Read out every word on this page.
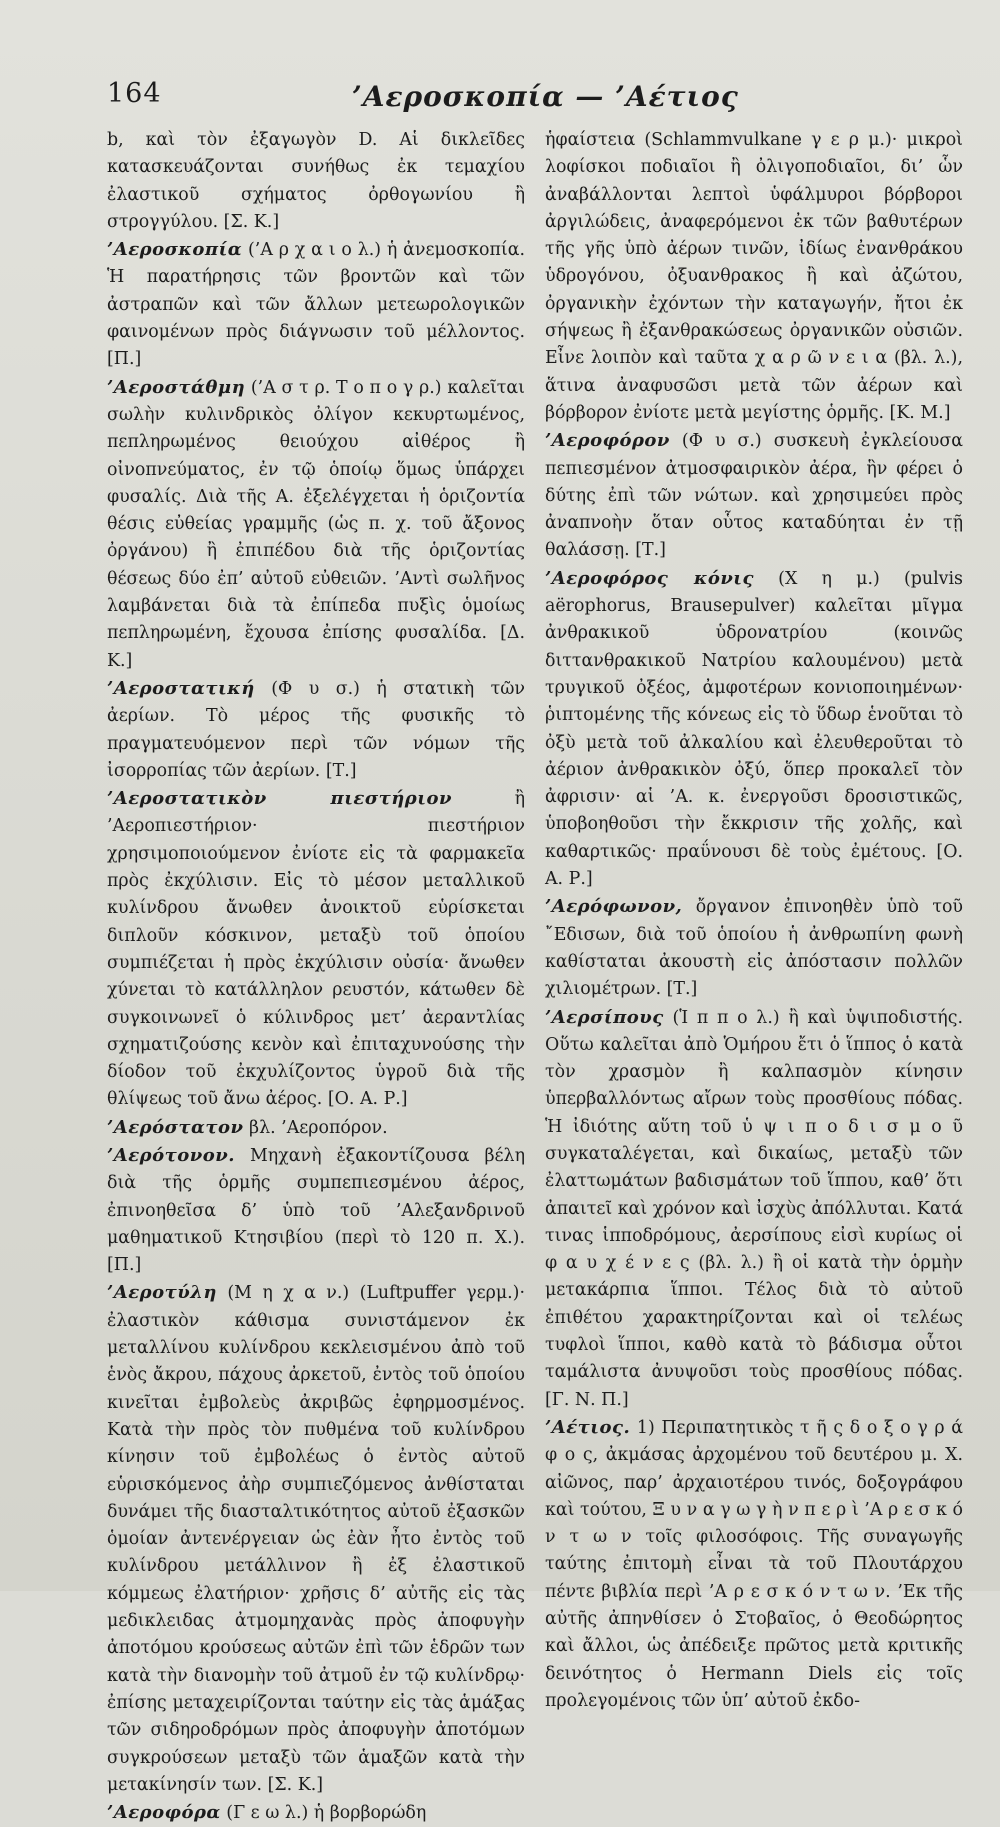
164	’Αεροσκοπία — ’Αέτιος

b, καὶ τὸν ἐξαγωγὸν D. Αἱ δικλεῖδες κατασκευάζονται συνήθως ἐκ τεμαχίου ἐλαστικοῦ σχήματος ὀρθογωνίου ἢ στρογγύλου. [Σ. Κ.]

’Αεροσκοπία (’Α ρ χ α ι ο λ.) ἡ ἀνεμοσκοπία. Ἡ παρατήρησις τῶν βροντῶν καὶ τῶν ἀστραπῶν καὶ τῶν ἄλλων μετεωρολογικῶν φαινομένων πρὸς διάγνωσιν τοῦ μέλλοντος. [Π.]

’Αεροστάθμη (’Α σ τ ρ. Τ ο π ο γ ρ.) καλεῖται σωλὴν κυλινδρικὸς ὀλίγον κεκυρτωμένος, πεπληρωμένος θειούχου αἰθέρος ἢ οἰνοπνεύματος, ἐν τῷ ὁποίῳ ὅμως ὑπάρχει φυσαλίς. Διὰ τῆς Α. ἐξελέγχεται ἡ ὁριζοντία θέσις εὐθείας γραμμῆς (ὡς π. χ. τοῦ ἄξονος ὀργάνου) ἢ ἐπιπέδου διὰ τῆς ὁριζοντίας θέσεως δύο ἐπ’ αὐτοῦ εὐθειῶν. ’Αντὶ σωλῆνος λαμβάνεται διὰ τὰ ἐπίπεδα πυξὶς ὁμοίως πεπληρωμένη, ἔχουσα ἐπίσης φυσαλίδα. [Δ. Κ.]

’Αεροστατική (Φ υ σ.) ἡ στατικὴ τῶν ἀερίων. Τὸ μέρος τῆς φυσικῆς τὸ πραγματευόμενον περὶ τῶν νόμων τῆς ἰσορροπίας τῶν ἀερίων. [Τ.]

’Αεροστατικὸν πιεστήριον ἢ ’Αεροπιεστήριον· πιεστήριον χρησιμοποιούμενον ἐνίοτε εἰς τὰ φαρμακεῖα πρὸς ἐκχύλισιν. Εἰς τὸ μέσον μεταλλικοῦ κυλίνδρου ἄνωθεν ἀνοικτοῦ εὑρίσκεται διπλοῦν κόσκινον, μεταξὺ τοῦ ὁποίου συμπιέζεται ἡ πρὸς ἐκχύλισιν οὐσία· ἄνωθεν χύνεται τὸ κατάλληλον ρευστόν, κάτωθεν δὲ συγκοινωνεῖ ὁ κύλινδρος μετ’ ἀεραντλίας σχηματιζούσης κενὸν καὶ ἐπιταχυνούσης τὴν δίοδον τοῦ ἐκχυλίζοντος ὑγροῦ διὰ τῆς θλίψεως τοῦ ἄνω ἀέρος. [Ο. Α. Ρ.]

’Αερόστατον βλ. ’Αεροπόρον.

’Αερότονον. Μηχανὴ ἐξακοντίζουσα βέλη διὰ τῆς ὁρμῆς συμπεπιεσμένου ἀέρος, ἐπινοηθεῖσα δ’ ὑπὸ τοῦ ’Αλεξανδρινοῦ μαθηματικοῦ Κτησιβίου (περὶ τὸ 120 π. Χ.). [Π.]

’Αεροτύλη (Μ η χ α ν.) (Luftpuffer γερμ.)· ἐλαστικὸν κάθισμα συνιστάμενον ἐκ μεταλλίνου κυλίνδρου κεκλεισμένου ἀπὸ τοῦ ἑνὸς ἄκρου, πάχους ἀρκετοῦ, ἐντὸς τοῦ ὁποίου κινεῖται ἐμβολεὺς ἀκριβῶς ἐφηρμοσμένος. Κατὰ τὴν πρὸς τὸν πυθμένα τοῦ κυλίνδρου κίνησιν τοῦ ἐμβολέως ὁ ἐντὸς αὐτοῦ εὑρισκόμενος ἀὴρ συμπιεζόμενος ἀνθίσταται δυνάμει τῆς διασταλτικότητος αὐτοῦ ἐξασκῶν ὁμοίαν ἀντενέργειαν ὡς ἐὰν ἦτο ἐντὸς τοῦ κυλίνδρου μετάλλινον ἢ ἐξ ἐλαστικοῦ κόμμεως ἐλατήριον· χρῆσις δ’ αὐτῆς εἰς τὰς μεδικλειδας ἀτμομηχανὰς πρὸς ἀποφυγὴν ἀποτόμου κρούσεως αὐτῶν ἐπὶ τῶν ἑδρῶν των κατὰ τὴν διανομὴν τοῦ ἀτμοῦ ἐν τῷ κυλίνδρῳ· ἐπίσης μεταχειρίζονται ταύτην εἰς τὰς ἁμάξας τῶν σιδηροδρόμων πρὸς ἀποφυγὴν ἀποτόμων συγκρούσεων μεταξὺ τῶν ἁμαξῶν κατὰ τὴν μετακίνησίν των. [Σ. Κ.]

’Αεροφόρα (Γ ε ω λ.) ἡ βορβορώδη

ἡφαίστεια (Schlammvulkane γ ε ρ μ.)· μικροὶ λοφίσκοι ποδιαῖοι ἢ ὀλιγοποδιαῖοι, δι’ ὧν ἀναβάλλονται λεπτοὶ ὑφάλμυροι βόρβοροι ἀργιλώδεις, ἀναφερόμενοι ἐκ τῶν βαθυτέρων τῆς γῆς ὑπὸ ἀέρων τινῶν, ἰδίως ἐνανθράκου ὑδρογόνου, ὀξυανθρακος ἢ καὶ ἀζώτου, ὀργανικὴν ἐχόντων τὴν καταγωγήν, ἤτοι ἐκ σήψεως ἢ ἐξανθρακώσεως ὀργανικῶν οὐσιῶν. Εἶνε λοιπὸν καὶ ταῦτα χ α ρ ῶ ν ε ι α (βλ. λ.), ἅτινα ἀναφυσῶσι μετὰ τῶν ἀέρων καὶ βόρβορον ἐνίοτε μετὰ μεγίστης ὁρμῆς. [Κ. Μ.]

’Αεροφόρον (Φ υ σ.) συσκευὴ ἐγκλείουσα πεπιεσμένον ἀτμοσφαιρικὸν ἀέρα, ἣν φέρει ὁ δύτης ἐπὶ τῶν νώτων. καὶ χρησιμεύει πρὸς ἀναπνοὴν ὅταν οὗτος καταδύηται ἐν τῇ θαλάσσῃ. [Τ.]

’Αεροφόρος κόνις (Χ η μ.) (pulvis aërophorus, Brausepulver) καλεῖται μῖγμα ἀνθρακικοῦ ὑδρονατρίου (κοινῶς διττανθρακικοῦ Νατρίου καλουμένου) μετὰ τρυγικοῦ ὀξέος, ἀμφοτέρων κονιοποιημένων· ῥιπτομένης τῆς κόνεως εἰς τὸ ὕδωρ ἑνοῦται τὸ ὀξὺ μετὰ τοῦ ἀλκαλίου καὶ ἐλευθεροῦται τὸ ἀέριον ἀνθρακικὸν ὀξύ, ὅπερ προκαλεῖ τὸν ἀφρισιν· αἱ ’Α. κ. ἐνεργοῦσι δροσιστικῶς, ὑποβοηθοῦσι τὴν ἔκκρισιν τῆς χολῆς, καὶ καθαρτικῶς· πραΰνουσι δὲ τοὺς ἐμέτους. [Ο. Α. Ρ.]

’Αερόφωνον, ὄργανον ἐπινοηθὲν ὑπὸ τοῦ ῎Εδισων, διὰ τοῦ ὁποίου ἡ ἀνθρωπίνη φωνὴ καθίσταται ἀκουστὴ εἰς ἀπόστασιν πολλῶν χιλιομέτρων. [Τ.]

’Αερσίπους (Ἱ π π ο λ.) ἢ καὶ ὑψιποδιστής. Οὕτω καλεῖται ἀπὸ Ὁμήρου ἔτι ὁ ἵππος ὁ κατὰ τὸν χρασμὸν ἢ καλπασμὸν κίνησιν ὑπερβαλλόντως αἴρων τοὺς προσθίους πόδας. Ἡ ἰδιότης αὕτη τοῦ ὑ ψ ι π ο δ ι σ μ ο ῦ συγκαταλέγεται, καὶ δικαίως, μεταξὺ τῶν ἐλαττωμάτων βαδισμάτων τοῦ ἵππου, καθ’ ὅτι ἀπαιτεῖ καὶ χρόνον καὶ ἰσχὺς ἀπόλλυται. Κατά τινας ἱπποδρόμους, ἀερσίπους εἰσὶ κυρίως οἱ φ α υ χ έ ν ε ς (βλ. λ.) ἢ οἱ κατὰ τὴν ὁρμὴν μετακάρπια ἵπποι. Τέλος διὰ τὸ αὐτοῦ ἐπιθέτου χαρακτηρίζονται καὶ οἱ τελέως τυφλοὶ ἵπποι, καθὸ κατὰ τὸ βάδισμα οὗτοι ταμάλιστα ἀνυψοῦσι τοὺς προσθίους πόδας. [Γ. Ν. Π.]

’Αέτιος. 1) Περιπατητικὸς τ ῆ ς δ ο ξ ο γ ρ ά φ ο ς, ἀκμάσας ἀρχομένου τοῦ δευτέρου μ. Χ. αἰῶνος, παρ’ ἀρχαιοτέρου τινός, δοξογράφου καὶ τούτου, Ξ υ ν α γ ω γ ὴ ν π ε ρ ὶ ’Α ρ ε σ κ ό ν τ ω ν τοῖς φιλοσόφοις. Τῆς συναγωγῆς ταύτης ἐπιτομὴ εἶναι τὰ τοῦ Πλουτάρχου πέντε βιβλία περὶ ’Α ρ ε σ κ ό ν τ ω ν. ’Εκ τῆς αὐτῆς ἀπηνθίσεν ὁ Στοβαῖος, ὁ Θεοδώρητος καὶ ἄλλοι, ὡς ἀπέδειξε πρῶτος μετὰ κριτικῆς δεινότητος ὁ Hermann Diels εἰς τοῖς προλεγομένοις τῶν ὑπ’ αὐτοῦ ἐκδο-
